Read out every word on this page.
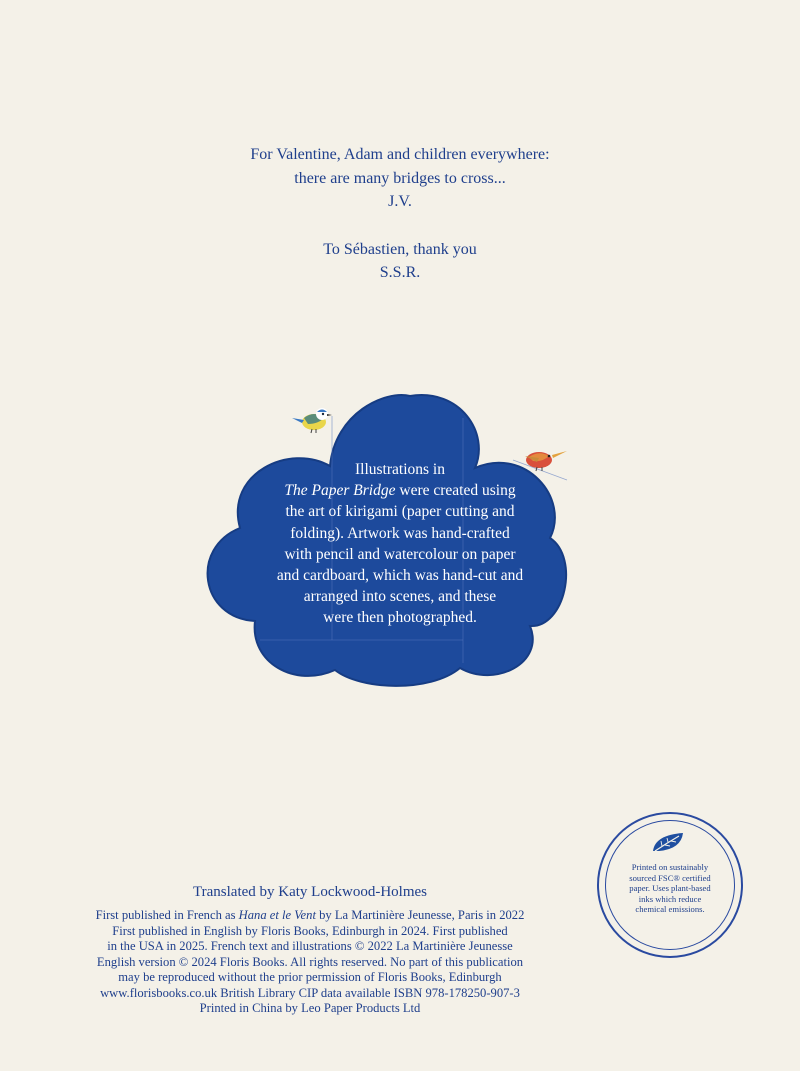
For Valentine, Adam and children everywhere:

there are many bridges to cross...

J.V.

To Sébastien, thank you

S.S.R.

Illustrations in

The Paper Bridge were created using

the art of kirigami (paper cutting and

folding). Artwork was hand-crafted

with pencil and watercolour on paper

and cardboard, which was hand-cut and

arranged into scenes, and these

were then photographed.

Translated by Katy Lockwood-Holmes

First published in French as Hana et le Vent by La Martinière Jeunesse, Paris in 2022

First published in English by Floris Books, Edinburgh in 2024. First published

in the USA in 2025. French text and illustrations © 2022 La Martinière Jeunesse

English version © 2024 Floris Books. All rights reserved. No part of this publication

may be reproduced without the prior permission of Floris Books, Edinburgh

www.florisbooks.co.uk British Library CIP data available ISBN 978-178250-907-3

Printed in China by Leo Paper Products Ltd

Printed on sustainably
sourced FSC® certified
paper. Uses plant-based
inks which reduce
chemical emissions.
